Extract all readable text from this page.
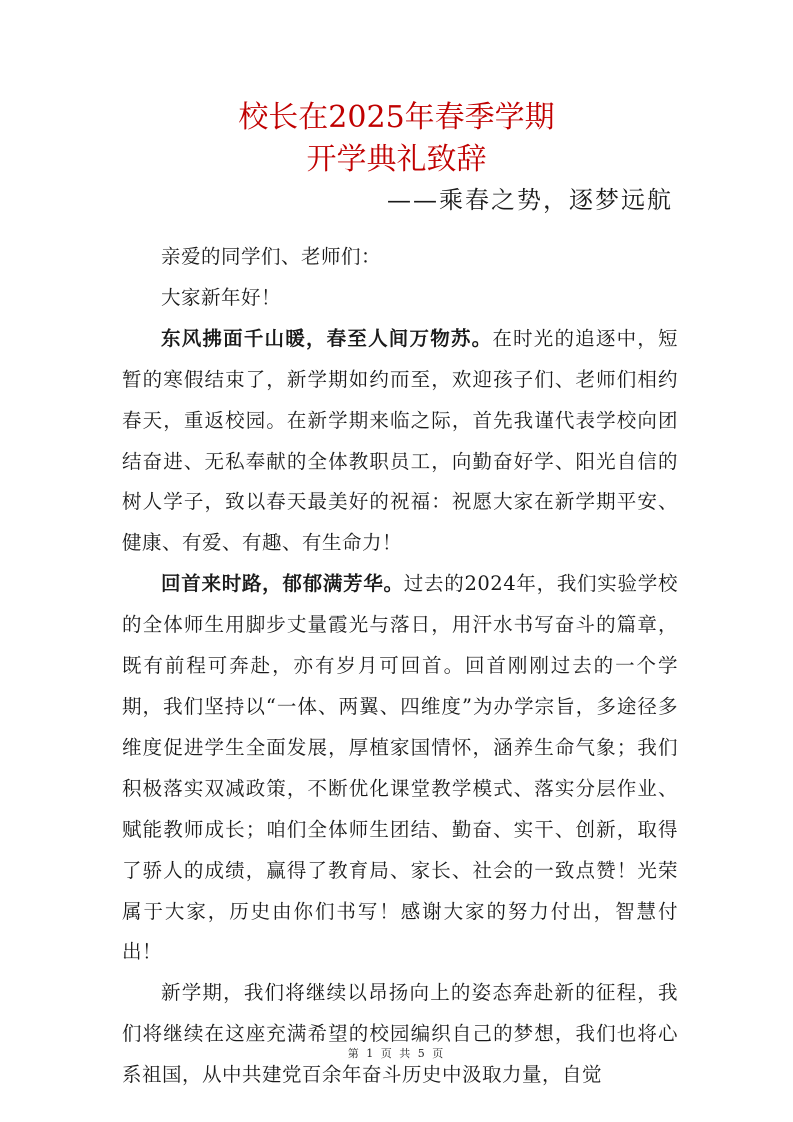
校长在2025年春季学期
开学典礼致辞
——乘春之势，逐梦远航

亲爱的同学们、老师们：

大家新年好！

东风拂面千山暖，春至人间万物苏。在时光的追逐中，短暂的寒假结束了，新学期如约而至，欢迎孩子们、老师们相约春天，重返校园。在新学期来临之际，首先我谨代表学校向团结奋进、无私奉献的全体教职员工，向勤奋好学、阳光自信的树人学子，致以春天最美好的祝福：祝愿大家在新学期平安、健康、有爱、有趣、有生命力！

回首来时路，郁郁满芳华。过去的2024年，我们实验学校的全体师生用脚步丈量霞光与落日，用汗水书写奋斗的篇章，既有前程可奔赴，亦有岁月可回首。回首刚刚过去的一个学期，我们坚持以“一体、两翼、四维度”为办学宗旨，多途径多维度促进学生全面发展，厚植家国情怀，涵养生命气象；我们积极落实双减政策，不断优化课堂教学模式、落实分层作业、赋能教师成长；咱们全体师生团结、勤奋、实干、创新，取得了骄人的成绩，赢得了教育局、家长、社会的一致点赞！光荣属于大家，历史由你们书写！感谢大家的努力付出，智慧付出！

新学期，我们将继续以昂扬向上的姿态奔赴新的征程，我们将继续在这座充满希望的校园编织自己的梦想，我们也将心系祖国，从中共建党百余年奋斗历史中汲取力量，自觉

第 1 页 共 5 页
